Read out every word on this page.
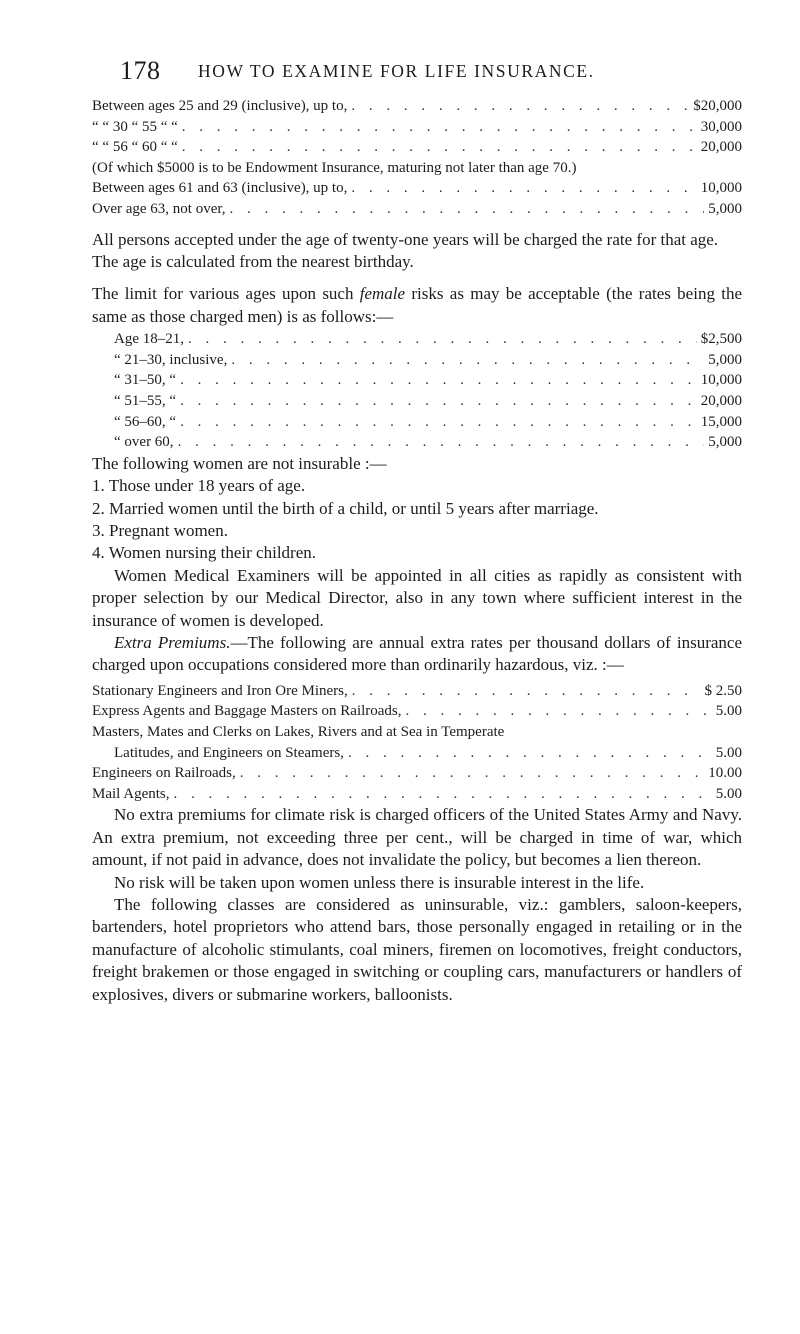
178 HOW TO EXAMINE FOR LIFE INSURANCE.
Between ages 25 and 29 (inclusive), up to, . . .	$20,000
“ “ 30 “ 55 “ “ . . .	30,000
“ “ 56 “ 60 “ “ . . .	20,000
(Of which $5000 is to be Endowment Insurance, maturing not later than age 70.)
Between ages 61 and 63 (inclusive), up to, . . .	10,000
Over age 63, not over, . . .	5,000

All persons accepted under the age of twenty-one years will be charged the rate for that age.

The age is calculated from the nearest birthday.

The limit for various ages upon such female risks as may be acceptable (the rates being the same as those charged men) is as follows:—

Age 18–21, . . .	$2,500
“ 21–30, inclusive, . . .	5,000
“ 31–50, “ . . .	10,000
“ 51–55, “ . . .	20,000
“ 56–60, “ . . .	15,000
“ over 60, . . .	5,000

The following women are not insurable :—

1. Those under 18 years of age.

2. Married women until the birth of a child, or until 5 years after marriage.

3. Pregnant women.

4. Women nursing their children.

Women Medical Examiners will be appointed in all cities as rapidly as consistent with proper selection by our Medical Director, also in any town where sufficient interest in the insurance of women is developed.

Extra Premiums.—The following are annual extra rates per thousand dollars of insurance charged upon occupations considered more than ordinarily hazardous, viz. :—

Stationary Engineers and Iron Ore Miners, . . .	$ 2.50
Express Agents and Baggage Masters on Railroads, . . .	5.00
Masters, Mates and Clerks on Lakes, Rivers and at Sea in Temperate
Latitudes, and Engineers on Steamers, . . .	5.00
Engineers on Railroads, . . .	10.00
Mail Agents, . . .	5.00

No extra premiums for climate risk is charged officers of the United States Army and Navy. An extra premium, not exceeding three per cent., will be charged in time of war, which amount, if not paid in advance, does not invalidate the policy, but becomes a lien thereon.

No risk will be taken upon women unless there is insurable interest in the life.

The following classes are considered as uninsurable, viz.: gamblers, saloon-keepers, bartenders, hotel proprietors who attend bars, those personally engaged in retailing or in the manufacture of alcoholic stimulants, coal miners, firemen on locomotives, freight conductors, freight brakemen or those engaged in switching or coupling cars, manufacturers or handlers of explosives, divers or submarine workers, balloonists.
